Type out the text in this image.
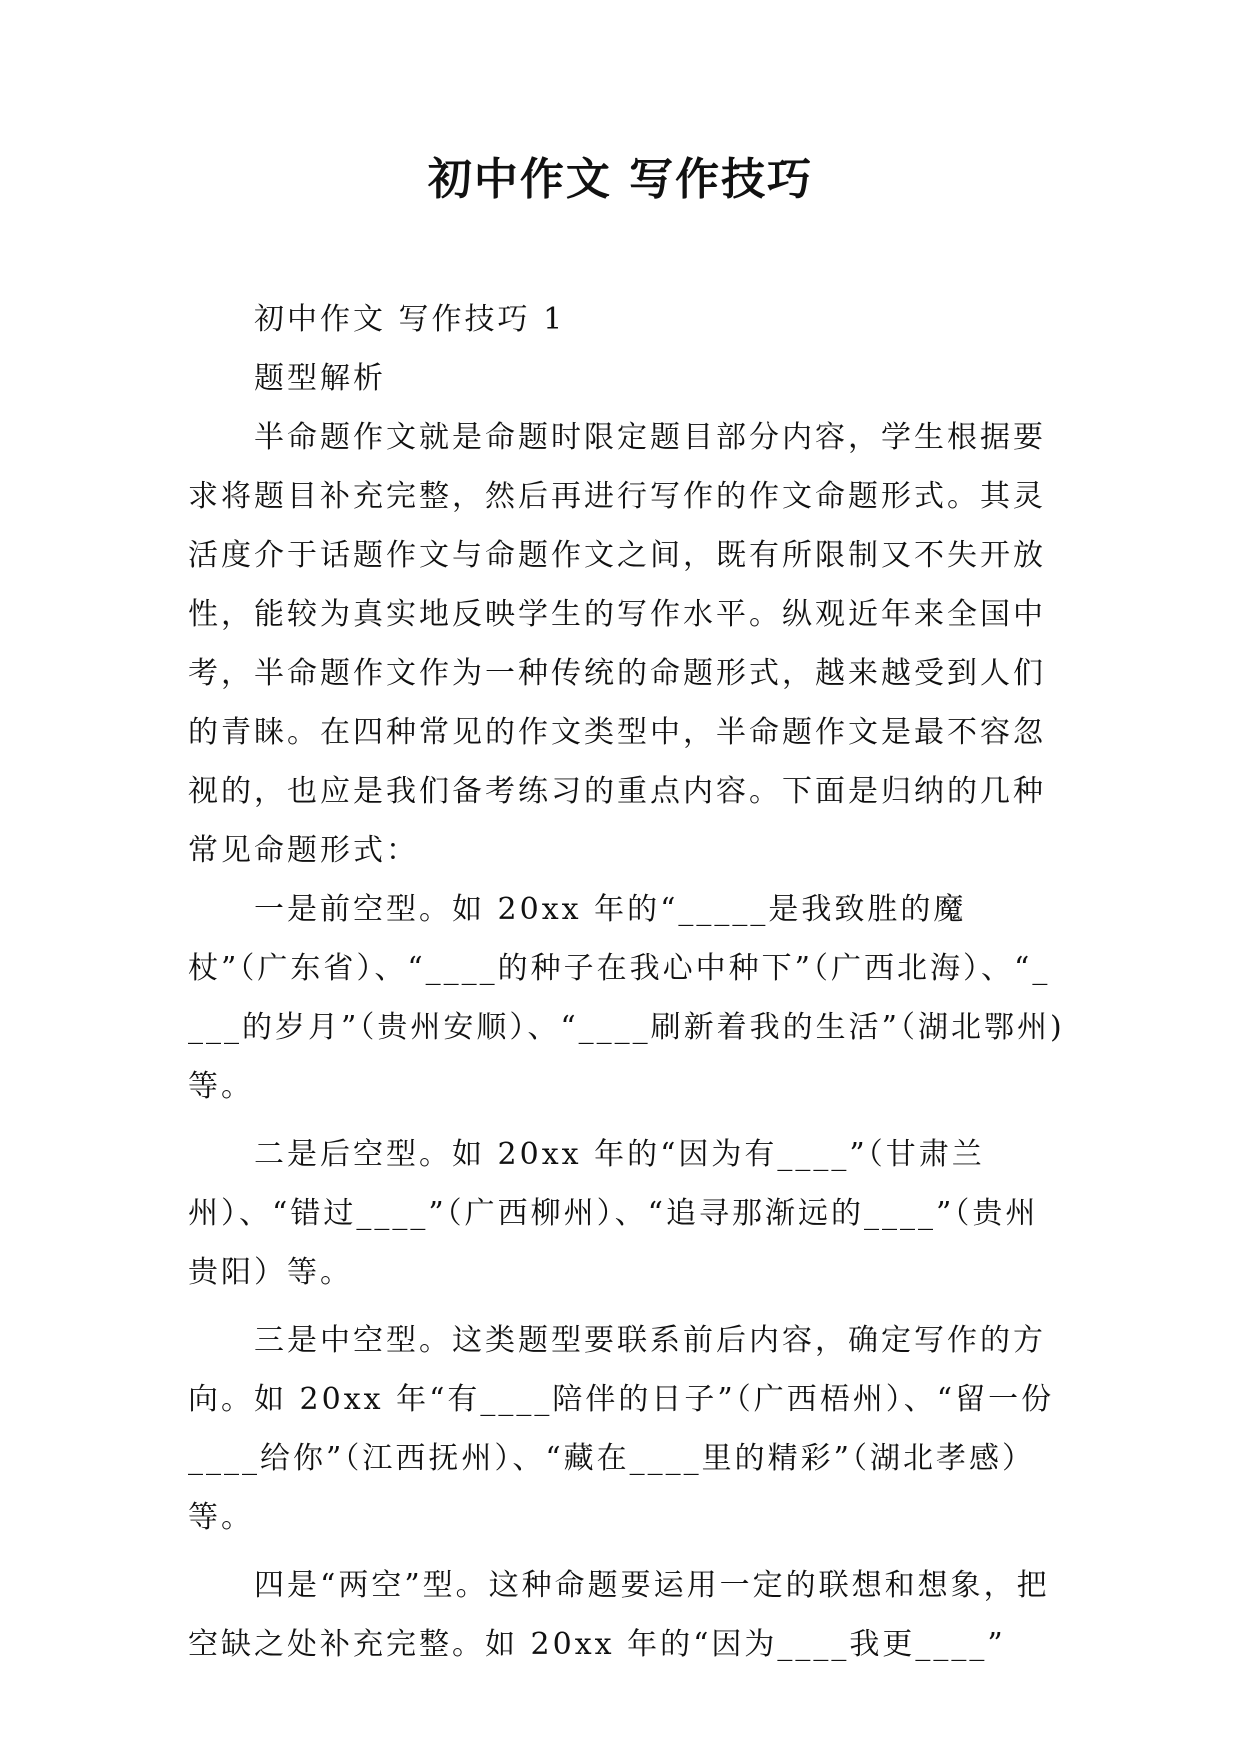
初中作文 写作技巧

初中作文 写作技巧 1

题型解析

半命题作文就是命题时限定题目部分内容，学生根据要求将题目补充完整，然后再进行写作的作文命题形式。其灵活度介于话题作文与命题作文之间，既有所限制又不失开放性，能较为真实地反映学生的写作水平。纵观近年来全国中考，半命题作文作为一种传统的命题形式，越来越受到人们的青睐。在四种常见的作文类型中，半命题作文是最不容忽视的，也应是我们备考练习的重点内容。下面是归纳的几种常见命题形式：

一是前空型。如 20xx 年的“_____是我致胜的魔杖”（广东省）、“____的种子在我心中种下”（广西北海）、“____的岁月”（贵州安顺）、“____刷新着我的生活”（湖北鄂州)等。

二是后空型。如 20xx 年的“因为有____”（甘肃兰州）、“错过____”（广西柳州）、“追寻那渐远的____”（贵州贵阳）等。

三是中空型。这类题型要联系前后内容，确定写作的方向。如 20xx 年“有____陪伴的日子”（广西梧州）、“留一份____给你”（江西抚州）、“藏在____里的精彩”（湖北孝感）等。

四是“两空”型。这种命题要运用一定的联想和想象，把空缺之处补充完整。如 20xx 年的“因为____我更____”
